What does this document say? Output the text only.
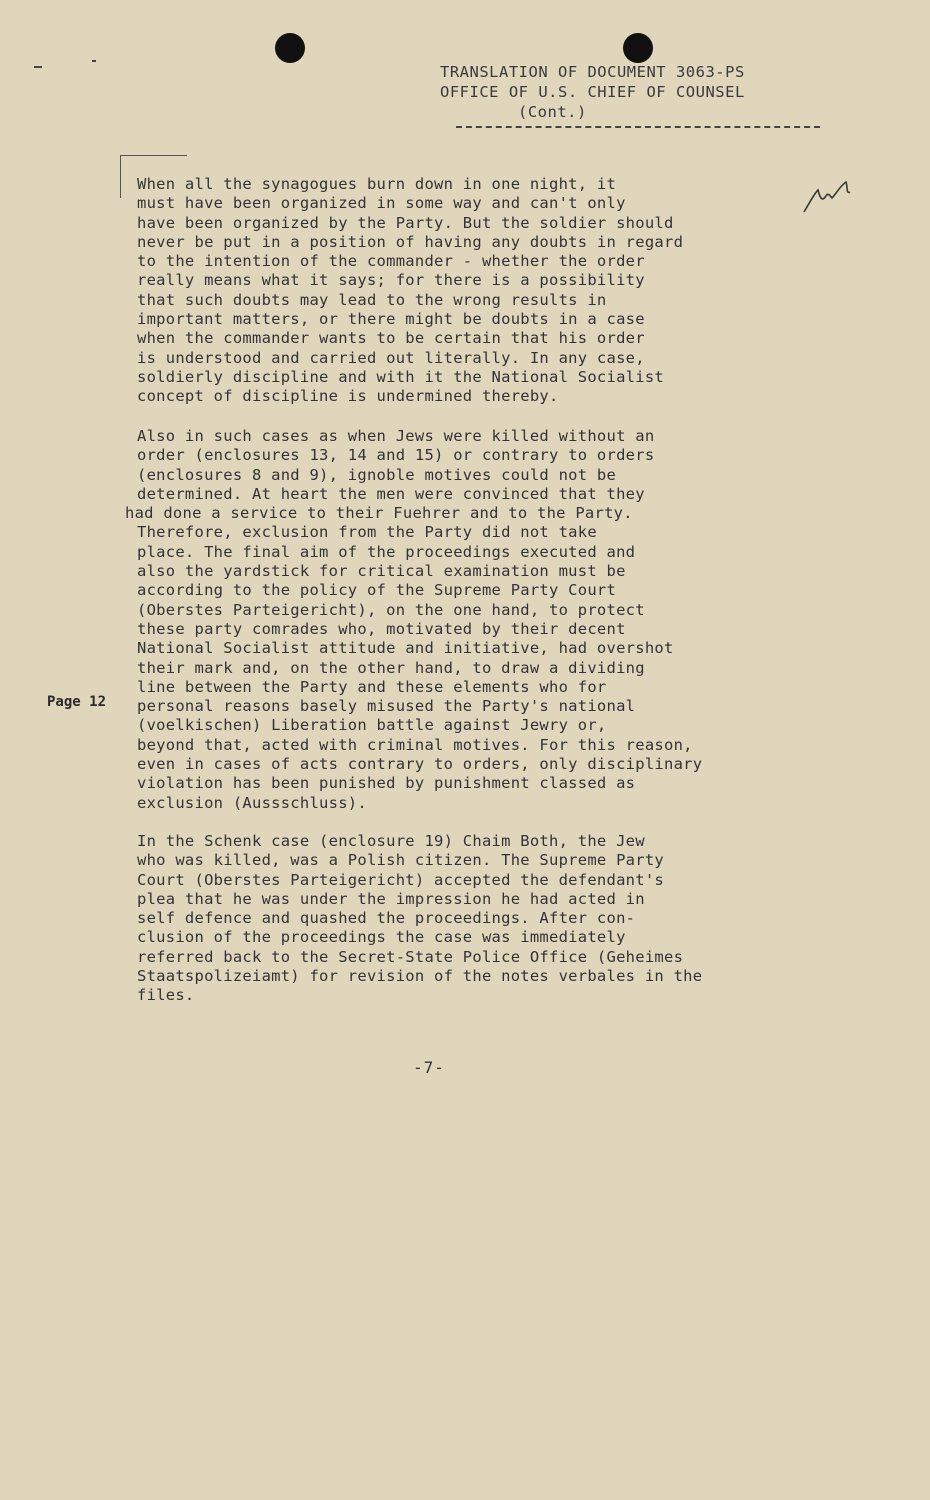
TRANSLATION OF DOCUMENT 3063-PS
OFFICE OF U.S. CHIEF OF COUNSEL
(Cont.)
When all the synagogues burn down in one night, it
must have been organized in some way and can't only
have been organized by the Party. But the soldier should
never be put in a position of having any doubts in regard
to the intention of the commander - whether the order
really means what it says; for there is a possibility
that such doubts may lead to the wrong results in
important matters, or there might be doubts in a case
when the commander wants to be certain that his order
is understood and carried out literally. In any case,
soldierly discipline and with it the National Socialist
concept of discipline is undermined thereby.
Also in such cases as when Jews were killed without an
order (enclosures 13, 14 and 15) or contrary to orders
(enclosures 8 and 9), ignoble motives could not be
determined. At heart the men were convinced that they
had done a service to their Fuehrer and to the Party.
Therefore, exclusion from the Party did not take
place. The final aim of the proceedings executed and
also the yardstick for critical examination must be
according to the policy of the Supreme Party Court
(Oberstes Parteigericht), on the one hand, to protect
these party comrades who, motivated by their decent
National Socialist attitude and initiative, had overshot
their mark and, on the other hand, to draw a dividing
line between the Party and these elements who for
personal reasons basely misused the Party's national
(voelkischen) Liberation battle against Jewry or,
beyond that, acted with criminal motives. For this reason,
even in cases of acts contrary to orders, only disciplinary
violation has been punished by punishment classed as
exclusion (Aussschluss).
Page 12
In the Schenk case (enclosure 19) Chaim Both, the Jew
who was killed, was a Polish citizen. The Supreme Party
Court (Oberstes Parteigericht) accepted the defendant's
plea that he was under the impression he had acted in
self defence and quashed the proceedings. After con-
clusion of the proceedings the case was immediately
referred back to the Secret-State Police Office (Geheimes
Staatspolizeiamt) for revision of the notes verbales in the
files.
-7-
